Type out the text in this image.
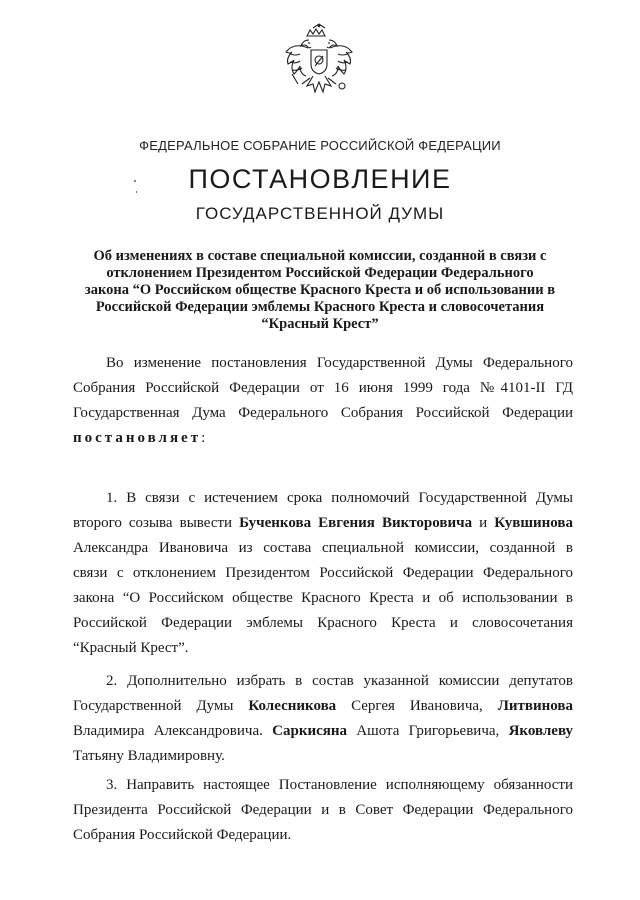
ФЕДЕРАЛЬНОЕ СОБРАНИЕ РОССИЙСКОЙ ФЕДЕРАЦИИ
ПОСТАНОВЛЕНИЕ
ГОСУДАРСТВЕННОЙ ДУМЫ
Об изменениях в составе специальной комиссии, созданной в связи с
отклонением Президентом Российской Федерации Федерального
закона “О Российском обществе Красного Креста и об использовании в
Российской Федерации эмблемы Красного Креста и словосочетания
“Красный Крест”
Во изменение постановления Государственной Думы Федерального
Собрания Российской Федерации от 16 июня 1999 года №4101-II ГД
Государственная Дума Федерального Собрания Российской Федерации
постановляет:
1. В связи с истечением срока полномочий Государственной Думы
второго созыва вывести Бученкова Евгения Викторовича и Кувшинова
Александра Ивановича из состава специальной комиссии, созданной в
связи с отклонением Президентом Российской Федерации Федерального
закона “О Российском обществе Красного Креста и об использовании в
Российской Федерации эмблемы Красного Креста и словосочетания
“Красный Крест”.
2. Дополнительно избрать в состав указанной комиссии депутатов
Государственной Думы Колесникова Сергея Ивановича, Литвинова
Владимира Александровича. Саркисяна Ашота Григорьевича, Яковлеву
Татьяну Владимировну.
3. Направить настоящее Постановление исполняющему обязанности
Президента Российской Федерации и в Совет Федерации Федерального
Собрания Российской Федерации.
